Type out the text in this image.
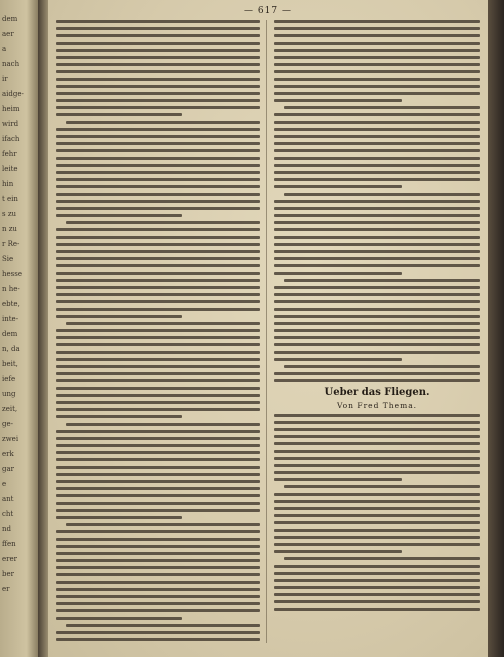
dem
aer
a
nach
ir
aidge-
heim
wird
ifach
fehr
leite
hin
t ein
s zu
n zu
r Re-
Sie
hesse
n he-
ebte,
inte-
dem
n, da
beit,
iefe
ung
zeit,
ge-
zwei
erk
gar
e
ant
cht
nd
ffen
erer
ber
er
— 617 —
Ueber das Fliegen.
Von Fred Thema.
